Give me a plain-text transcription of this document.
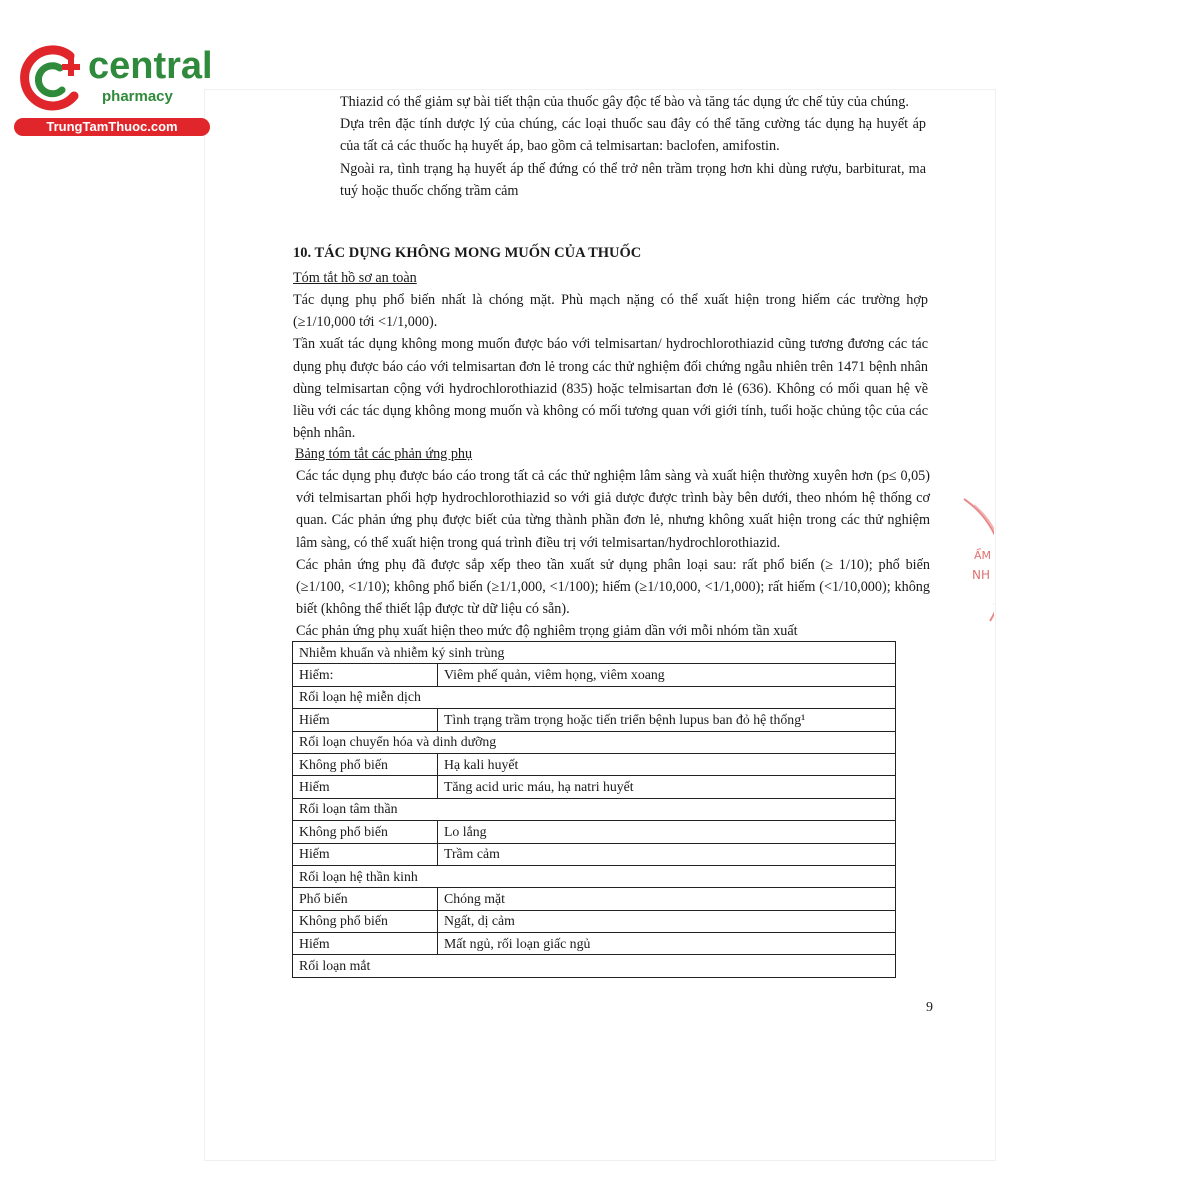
central
pharmacy
TrungTamThuoc.com

Thiazid có thể giảm sự bài tiết thận của thuốc gây độc tế bào và tăng tác dụng ức chế tủy của chúng.

Dựa trên đặc tính dược lý của chúng, các loại thuốc sau đây có thể tăng cường tác dụng hạ huyết áp của tất cả các thuốc hạ huyết áp, bao gồm cả telmisartan: baclofen, amifostin.

Ngoài ra, tình trạng hạ huyết áp thế đứng có thể trở nên trầm trọng hơn khi dùng rượu, barbiturat, ma tuý hoặc thuốc chống trầm cảm

10. TÁC DỤNG KHÔNG MONG MUỐN CỦA THUỐC
Tóm tắt hồ sơ an toàn

Tác dụng phụ phổ biến nhất là chóng mặt. Phù mạch nặng có thể xuất hiện trong hiếm các trường hợp (≥1/10,000 tới <1/1,000).

Tần xuất tác dụng không mong muốn được báo với telmisartan/ hydrochlorothiazid cũng tương đương các tác dụng phụ được báo cáo với telmisartan đơn lẻ trong các thử nghiệm đối chứng ngẫu nhiên trên 1471 bệnh nhân dùng telmisartan cộng với hydrochlorothiazid (835) hoặc telmisartan đơn lẻ (636). Không có mối quan hệ về liều với các tác dụng không mong muốn và không có mối tương quan với giới tính, tuổi hoặc chủng tộc của các bệnh nhân.

Bảng tóm tắt các phản ứng phụ

Các tác dụng phụ được báo cáo trong tất cả các thử nghiệm lâm sàng và xuất hiện thường xuyên hơn (p≤ 0,05) với telmisartan phối hợp hydrochlorothiazid so với giả dược được trình bày bên dưới, theo nhóm hệ thống cơ quan. Các phản ứng phụ được biết của từng thành phần đơn lẻ, nhưng không xuất hiện trong các thử nghiệm lâm sàng, có thể xuất hiện trong quá trình điều trị với telmisartan/hydrochlorothiazid.

Các phản ứng phụ đã được sắp xếp theo tần xuất sử dụng phân loại sau: rất phổ biến (≥ 1/10); phổ biến (≥1/100, <1/10); không phổ biến (≥1/1,000, <1/100); hiếm (≥1/10,000, <1/1,000); rất hiếm (<1/10,000); không biết (không thể thiết lập được từ dữ liệu có sẵn).

Các phản ứng phụ xuất hiện theo mức độ nghiêm trọng giảm dần với mỗi nhóm tần xuất

Nhiễm khuẩn và nhiễm ký sinh trùng	
Hiếm:	Viêm phế quản, viêm họng, viêm xoang
Rối loạn hệ miễn dịch	
Hiếm	Tình trạng trầm trọng hoặc tiến triển bệnh lupus ban đỏ hệ thống¹
Rối loạn chuyển hóa và dinh dưỡng	
Không phổ biến	Hạ kali huyết
Hiếm	Tăng acid uric máu, hạ natri huyết
Rối loạn tâm thần	
Không phổ biến	Lo lắng
Hiếm	Trầm cảm
Rối loạn hệ thần kinh	
Phổ biến	Chóng mặt
Không phổ biến	Ngất, dị cảm
Hiếm	Mất ngủ, rối loạn giấc ngủ
Rối loạn mắt	
9
ẨM
NH
